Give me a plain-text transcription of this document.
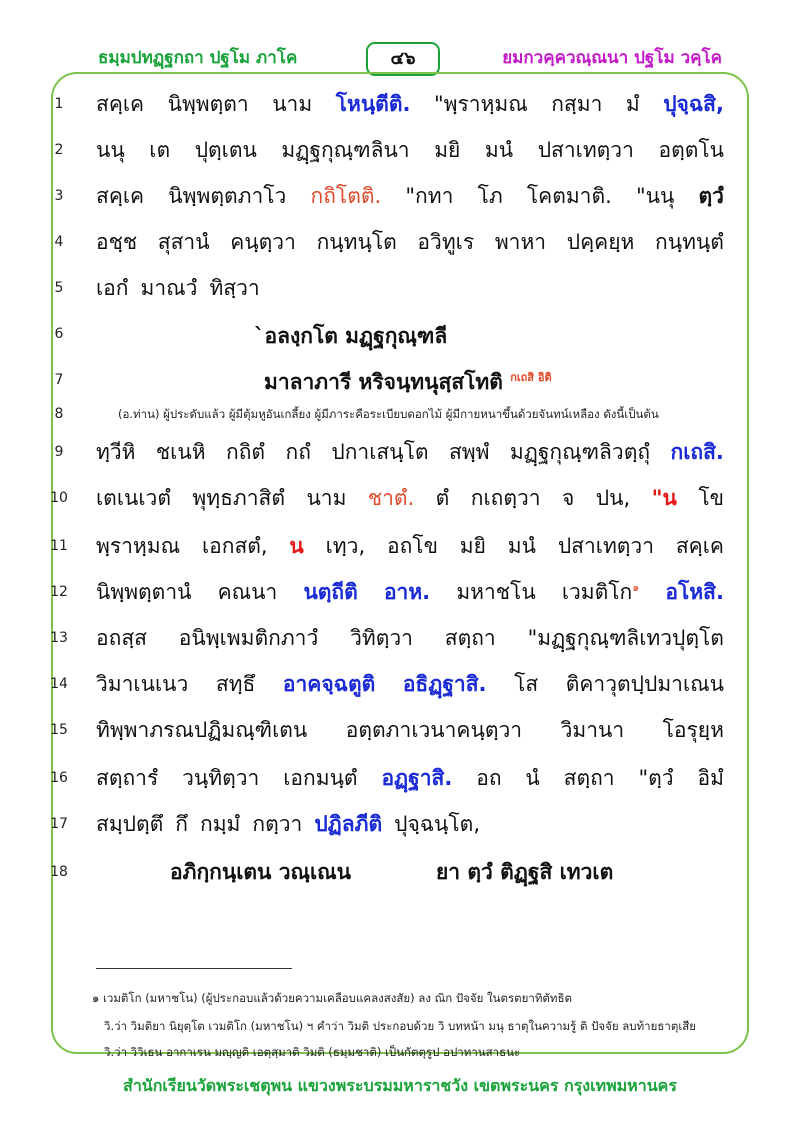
ธมฺมปทฏฺฐกถา ปฐโม ภาโค	๔๖	ยมกวคฺควณฺณนา ปฐโม วคฺโค
1
2
3
4
5
6
7
8
9
10
11
12
13
14
15
16
17
18
สคฺเค นิพฺพตฺตา นาม โหนฺตีติ. "พฺราหฺมณ กสฺมา มํ ปุจฺฉสิ,
นนุ เต ปุตฺเตน มฏฺฐกุณฺฑลินา มยิ มนํ ปสาเทตฺวา อตฺตโน
สคฺเค นิพฺพตฺตภาโว กถิโตติ. "กทา โภ โคตมาติ. "นนุ ตฺวํ
อชฺช สุสานํ คนฺตฺวา กนฺทนฺโต อวิทูเร พาหา ปคฺคยฺห กนฺทนฺตํ
เอกํ มาณวํ ทิสฺวา
`อลงฺกโต มฏฺฐกุณฺฑลี
มาลาภารี หริจนฺทนุสฺสโทติ $^{กเถสิ อิติ}$
(อ.ท่าน) ผู้ประดับแล้ว ผู้มีตุ้มหูอันเกลี้ยง ผู้มีภาระคือระเบียบดอกไม้ ผู้มีกายหนาขึ้นด้วยจันทน์เหลือง ดังนี้เป็นต้น
ทฺวีหิ ชเนหิ กถิตํ กถํ ปกาเสนฺโต สพฺพํ มฏฺฐกุณฺฑลิวตฺถุํ กเถสิ.
เตเนเวตํ พุทฺธภาสิตํ นาม ชาตํ. ตํ กเถตฺวา จ ปน, "น โข
พฺราหฺมณ เอกสตํ, น เทฺว, อถโข มยิ มนํ ปสาเทตฺวา สคฺเค
นิพฺพตฺตานํ คณนา นตฺถีติ อาห. มหาชโน เวมติโก$^๑$ อโหสิ.
อถสฺส อนิพฺเพมติกภาวํ วิทิตฺวา สตฺถา "มฏฺฐกุณฺฑลิเทวปุตฺโต
วิมาเนเนว สทฺธึ อาคจฺฉตูติ อธิฏฺฐาสิ. โส ติคาวุตปฺปมาเณน
ทิพฺพาภรณปฏิมณฺฑิเตน อตฺตภาเวนาคนฺตฺวา วิมานา โอรุยฺห
สตฺถารํ วนฺทิตฺวา เอกมนฺตํ อฏฺฐาสิ. อถ นํ สตฺถา "ตฺวํ อิมํ
สมฺปตฺตึ กึ กมฺมํ กตฺวา ปฏิลภีติ ปุจฺฉนฺโต,
อภิกฺกนฺเตน วณฺเณน	ยา ตฺวํ ติฏฺฐสิ เทวเต
๑ เวมติโก (มหาชโน) (ผู้ประกอบแล้วด้วยความเคลือบแคลงสงสัย) ลง ณิก ปัจจัย ในตรตยาทิตัทธิต
วิ.ว่า วิมติยา นิยุตฺโต เวมติโก (มหาชโน) ฯ คำว่า วิมติ ประกอบด้วย วิ บทหน้า มนุ ธาตุในความรู้ ติ ปัจจัย ลบท้ายธาตุเสีย
วิ.ว่า วิวิเธน อากาเรน มญฺญติ เอตฺสฺมาติ วิมติ (ธมฺมชาติ) เป็นกัตตุรูป อปาทานสาธนะ
สำนักเรียนวัดพระเชตุพน แขวงพระบรมมหาราชวัง เขตพระนคร กรุงเทพมหานคร
